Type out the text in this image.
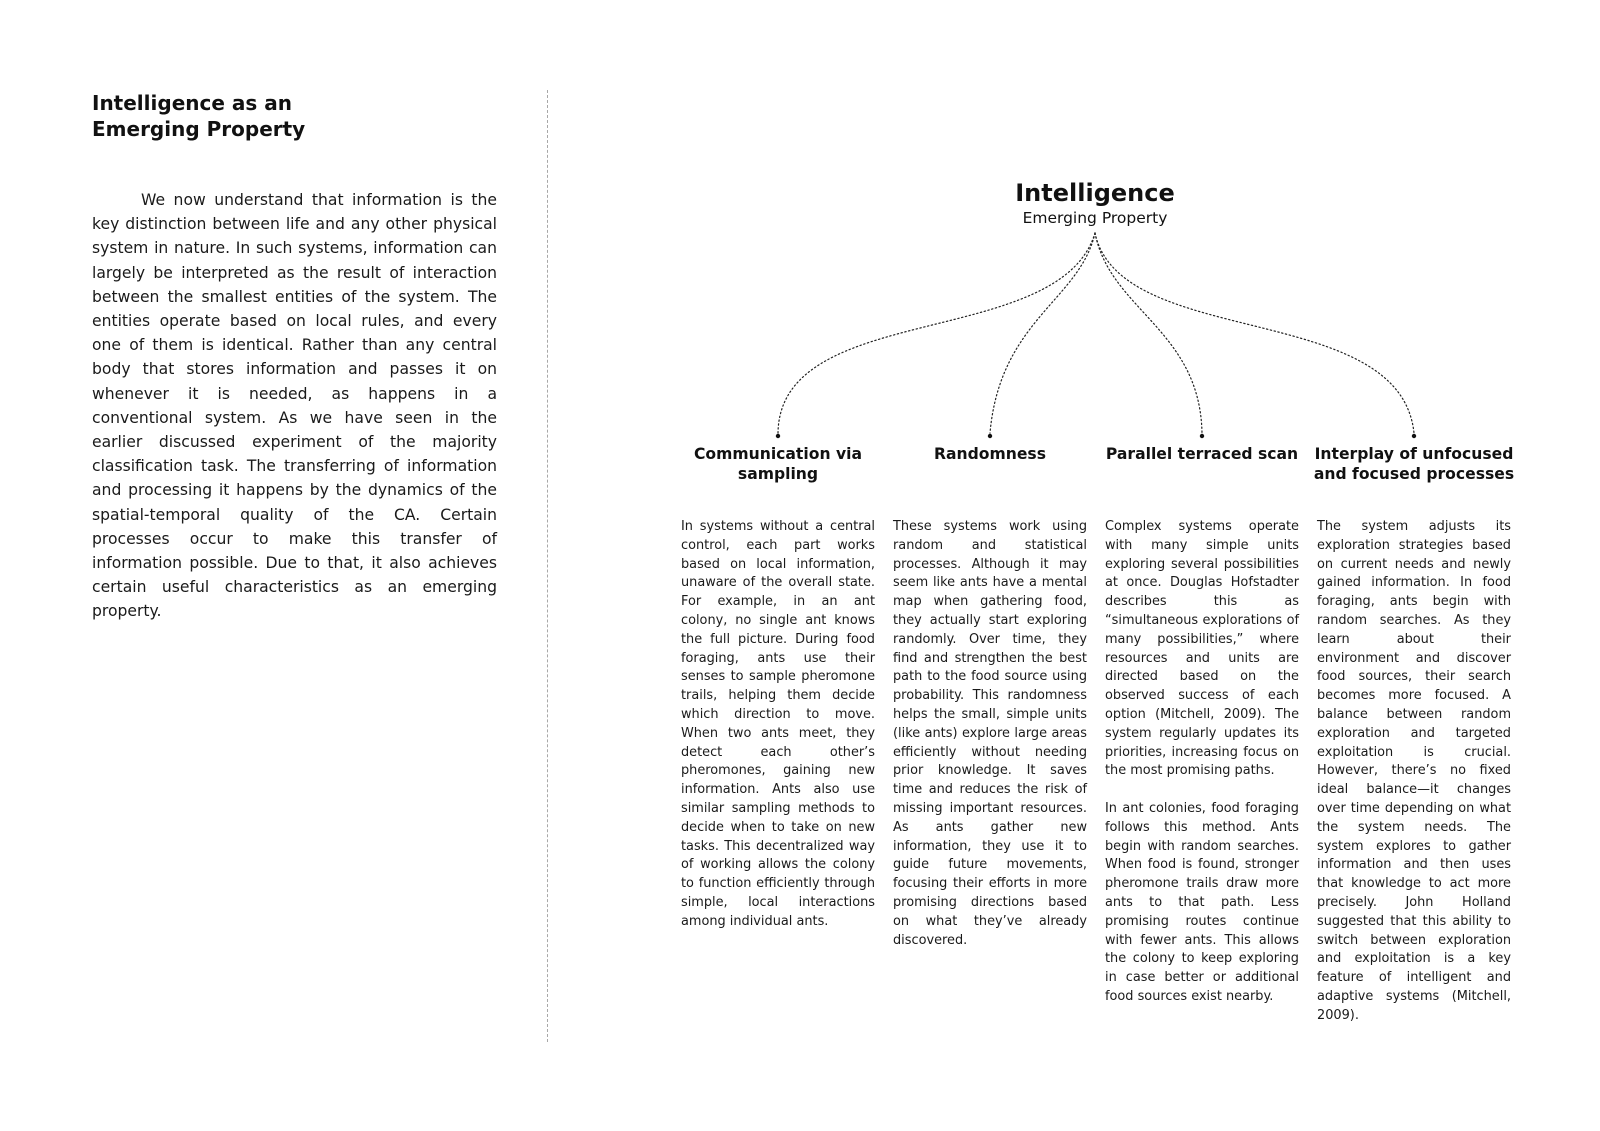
Intelligence as an
Emerging Property

We now understand that information is the key distinction between life and any other physical system in nature. In such systems, information can largely be interpreted as the result of interaction between the smallest entities of the system. The entities operate based on local rules, and every one of them is identical. Rather than any central body that stores information and passes it on whenever it is needed, as happens in a conventional system. As we have seen in the earlier discussed experiment of the majority classification task. The transferring of information and processing it happens by the dynamics of the spatial-temporal quality of the CA. Certain processes occur to make this transfer of information possible. Due to that, it also achieves certain useful characteristics as an emerging property.

Intelligence
Emerging Property
Communication via sampling
Randomness	Parallel terraced scan	Interplay of unfocused and focused processes

In systems without a central control, each part works based on local information, unaware of the overall state. For example, in an ant colony, no single ant knows the full picture. During food foraging, ants use their senses to sample pheromone trails, helping them decide which direction to move. When two ants meet, they detect each other’s pheromones, gaining new information. Ants also use similar sampling methods to decide when to take on new tasks. This decentralized way of working allows the colony to function efficiently through simple, local interactions among individual ants.

These systems work using random and statistical processes. Although it may seem like ants have a mental map when gathering food, they actually start exploring randomly. Over time, they find and strengthen the best path to the food source using probability. This randomness helps the small, simple units (like ants) explore large areas efficiently without needing prior knowledge. It saves time and reduces the risk of missing important resources. As ants gather new information, they use it to guide future movements, focusing their efforts in more promising directions based on what they’ve already discovered.

Complex systems operate with many simple units exploring several possibilities at once. Douglas Hofstadter describes this as “simultaneous explorations of many possibilities,” where resources and units are directed based on the observed success of each option (Mitchell, 2009). The system regularly updates its priorities, increasing focus on the most promising paths.

In ant colonies, food foraging follows this method. Ants begin with random searches. When food is found, stronger pheromone trails draw more ants to that path. Less promising routes continue with fewer ants. This allows the colony to keep exploring in case better or additional food sources exist nearby.

The system adjusts its exploration strategies based on current needs and newly gained information. In food foraging, ants begin with random searches. As they learn about their environment and discover food sources, their search becomes more focused. A balance between random exploration and targeted exploitation is crucial. However, there’s no fixed ideal balance—it changes over time depending on what the system needs. The system explores to gather information and then uses that knowledge to act more precisely. John Holland suggested that this ability to switch between exploration and exploitation is a key feature of intelligent and adaptive systems (Mitchell, 2009).
